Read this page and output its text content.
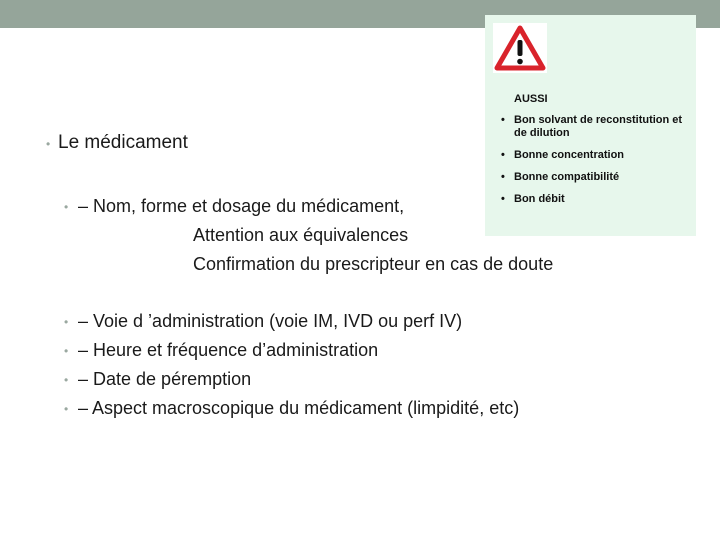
• Le médicament
• – Nom, forme et dosage du médicament,
Attention aux équivalences
Confirmation du prescripteur en cas de doute
• – Voie d ’administration (voie IM, IVD ou perf IV)
• – Heure et fréquence d’administration
• – Date de péremption
• – Aspect macroscopique du médicament (limpidité, etc)
AUSSI
• Bon solvant de reconstitution et de dilution
• Bonne concentration
• Bonne compatibilité
• Bon débit
